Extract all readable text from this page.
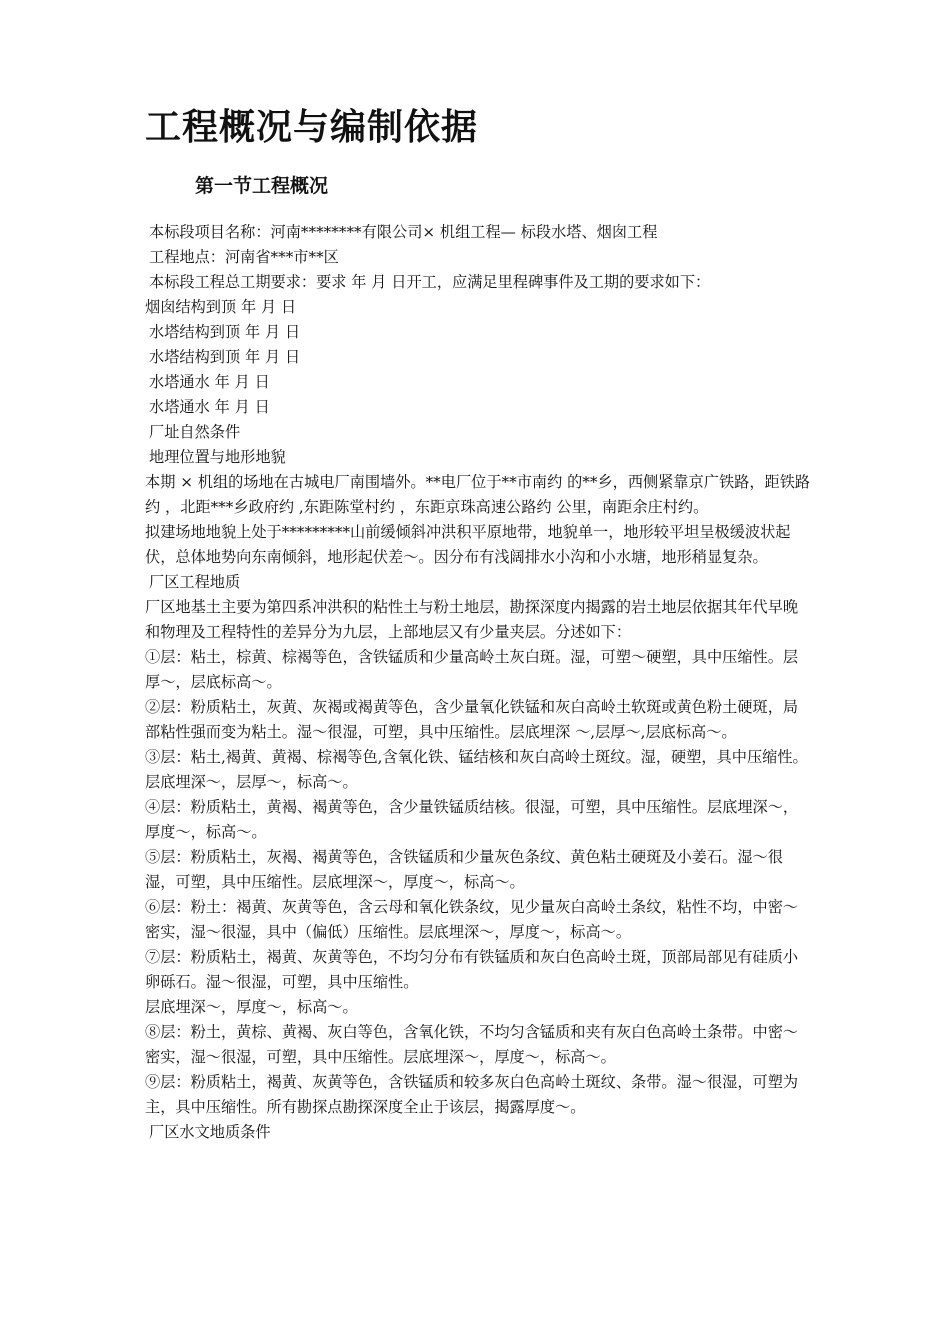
工程概况与编制依据
第一节工程概况

本标段项目名称：河南********有限公司× 机组工程— 标段水塔、烟囱工程

工程地点：河南省***市**区

本标段工程总工期要求：要求 年 月 日开工，应满足里程碑事件及工期的要求如下：

烟囱结构到顶 年 月 日

水塔结构到顶 年 月 日

水塔结构到顶 年 月 日

水塔通水 年 月 日

水塔通水 年 月 日

厂址自然条件

地理位置与地形地貌

本期 × 机组的场地在古城电厂南围墙外。**电厂位于**市南约 的**乡，西侧紧靠京广铁路，距铁路约 ，北距***乡政府约 ,东距陈堂村约 ，东距京珠高速公路约 公里，南距余庄村约。

拟建场地地貌上处于*********山前缓倾斜冲洪积平原地带，地貌单一，地形较平坦呈极缓波状起伏，总体地势向东南倾斜，地形起伏差～。因分布有浅阔排水小沟和小水塘，地形稍显复杂。

厂区工程地质

厂区地基土主要为第四系冲洪积的粘性土与粉土地层，勘探深度内揭露的岩土地层依据其年代早晚和物理及工程特性的差异分为九层，上部地层又有少量夹层。分述如下：

①层：粘土，棕黄、棕褐等色，含铁锰质和少量高岭土灰白斑。湿，可塑～硬塑，具中压缩性。层厚～，层底标高～。

②层：粉质粘土，灰黄、灰褐或褐黄等色，含少量氧化铁锰和灰白高岭土软斑或黄色粉土硬斑，局部粘性强而变为粘土。湿～很湿，可塑，具中压缩性。层底埋深 ～,层厚～,层底标高～。

③层：粘土,褐黄、黄褐、棕褐等色,含氧化铁、锰结核和灰白高岭土斑纹。湿，硬塑，具中压缩性。层底埋深～，层厚～，标高～。

④层：粉质粘土，黄褐、褐黄等色，含少量铁锰质结核。很湿，可塑，具中压缩性。层底埋深～，厚度～，标高～。

⑤层：粉质粘土，灰褐、褐黄等色，含铁锰质和少量灰色条纹、黄色粘土硬斑及小姜石。湿～很湿，可塑，具中压缩性。层底埋深～，厚度～，标高～。

⑥层：粉土：褐黄、灰黄等色，含云母和氧化铁条纹，见少量灰白高岭土条纹，粘性不均，中密～密实，湿～很湿，具中（偏低）压缩性。层底埋深～，厚度～，标高～。

⑦层：粉质粘土，褐黄、灰黄等色，不均匀分布有铁锰质和灰白色高岭土斑，顶部局部见有硅质小卵砾石。湿～很湿，可塑，具中压缩性。

层底埋深～，厚度～，标高～。

⑧层：粉土，黄棕、黄褐、灰白等色，含氧化铁，不均匀含锰质和夹有灰白色高岭土条带。中密～密实，湿～很湿，可塑，具中压缩性。层底埋深～，厚度～，标高～。

⑨层：粉质粘土，褐黄、灰黄等色，含铁锰质和较多灰白色高岭土斑纹、条带。湿～很湿，可塑为主，具中压缩性。所有勘探点勘探深度全止于该层，揭露厚度～。

厂区水文地质条件
